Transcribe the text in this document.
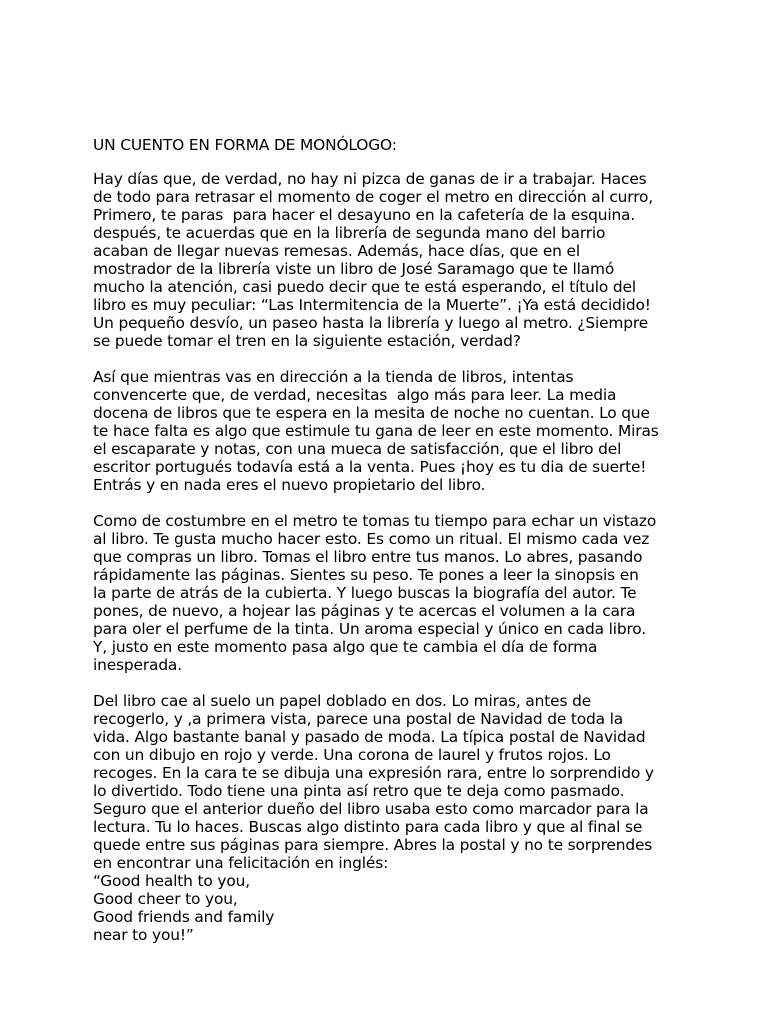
UN CUENTO EN FORMA DE MONÓLOGO:
Hay días que, de verdad, no hay ni pizca de ganas de ir a trabajar. Haces
de todo para retrasar el momento de coger el metro en dirección al curro,
Primero, te paras  para hacer el desayuno en la cafetería de la esquina.
después, te acuerdas que en la librería de segunda mano del barrio
acaban de llegar nuevas remesas. Además, hace días, que en el
mostrador de la librería viste un libro de José Saramago que te llamó
mucho la atención, casi puedo decir que te está esperando, el título del
libro es muy peculiar: “Las Intermitencia de la Muerte”. ¡Ya está decidido!
Un pequeño desvío, un paseo hasta la librería y luego al metro. ¿Siempre
se puede tomar el tren en la siguiente estación, verdad?
Así que mientras vas en dirección a la tienda de libros, intentas
convencerte que, de verdad, necesitas  algo más para leer. La media
docena de libros que te espera en la mesita de noche no cuentan. Lo que
te hace falta es algo que estimule tu gana de leer en este momento. Miras
el escaparate y notas, con una mueca de satisfacción, que el libro del
escritor portugués todavía está a la venta. Pues ¡hoy es tu dia de suerte!
Entrás y en nada eres el nuevo propietario del libro.
Como de costumbre en el metro te tomas tu tiempo para echar un vistazo
al libro. Te gusta mucho hacer esto. Es como un ritual. El mismo cada vez
que compras un libro. Tomas el libro entre tus manos. Lo abres, pasando
rápidamente las páginas. Sientes su peso. Te pones a leer la sinopsis en
la parte de atrás de la cubierta. Y luego buscas la biografía del autor. Te
pones, de nuevo, a hojear las páginas y te acercas el volumen a la cara
para oler el perfume de la tinta. Un aroma especial y único en cada libro.
Y, justo en este momento pasa algo que te cambia el día de forma
inesperada.
Del libro cae al suelo un papel doblado en dos. Lo miras, antes de
recogerlo, y ,a primera vista, parece una postal de Navidad de toda la
vida. Algo bastante banal y pasado de moda. La típica postal de Navidad
con un dibujo en rojo y verde. Una corona de laurel y frutos rojos. Lo
recoges. En la cara te se dibuja una expresión rara, entre lo sorprendido y
lo divertido. Todo tiene una pinta así retro que te deja como pasmado.
Seguro que el anterior dueño del libro usaba esto como marcador para la
lectura. Tu lo haces. Buscas algo distinto para cada libro y que al final se
quede entre sus páginas para siempre. Abres la postal y no te sorprendes
en encontrar una felicitación en inglés:
“Good health to you,
Good cheer to you,
Good friends and family
near to you!”
